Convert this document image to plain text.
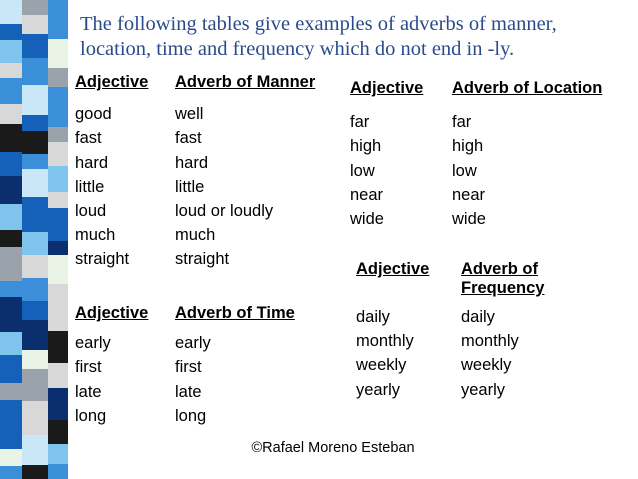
The following tables give examples of adverbs of manner,
location, time and frequency which do not end in -ly.
Adjective Adverb of Manner
good	well
fast	fast
hard	hard
little	little
loud	loud or loudly
much	much
straight	straight
Adjective Adverb of Location
far	far
high	high
low	low
near	near
wide	wide
Adjective Adverb of Time
early	early
first	first
late	late
long	long
Adjective Adverb of Frequency
daily	daily
monthly	monthly
weekly	weekly
yearly	yearly
©Rafael Moreno Esteban
